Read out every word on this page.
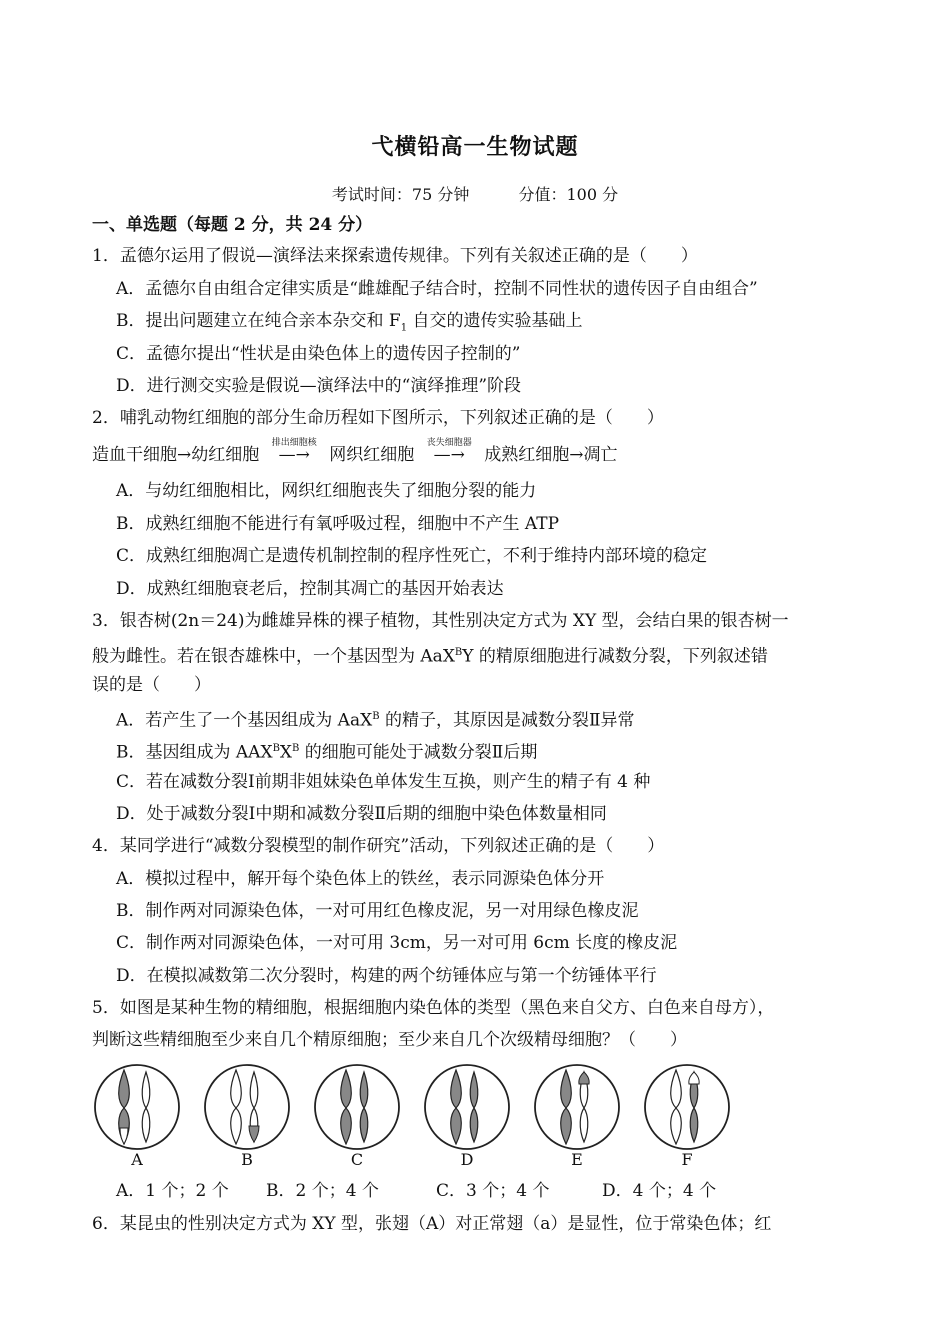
弋横铅高一生物试题
考试时间：75 分钟	分值：100 分
一、单选题（每题 2 分，共 24 分）
1．孟德尔运用了假说—演绎法来探索遗传规律。下列有关叙述正确的是（　　）
A．孟德尔自由组合定律实质是“雌雄配子结合时，控制不同性状的遗传因子自由组合”
B．提出问题建立在纯合亲本杂交和 $F_1$ 自交的遗传实验基础上
C．孟德尔提出“性状是由染色体上的遗传因子控制的”
D．进行测交实验是假说—演绎法中的“演绎推理”阶段
2．哺乳动物红细胞的部分生命历程如下图所示，下列叙述正确的是（　　）
造血干细胞→幼红细胞
排出细胞核
—→ 网织红细胞
丧失细胞器
—→ 成熟红细胞→凋亡
A．与幼红细胞相比，网织红细胞丧失了细胞分裂的能力
B．成熟红细胞不能进行有氧呼吸过程，细胞中不产生 ATP
C．成熟红细胞凋亡是遗传机制控制的程序性死亡，不利于维持内部环境的稳定
D．成熟红细胞衰老后，控制其凋亡的基因开始表达
3．银杏树(2n＝24)为雌雄异株的裸子植物，其性别决定方式为 XY 型，会结白果的银杏树一
般为雌性。若在银杏雄株中，一个基因型为 AaX$^B$Y 的精原细胞进行减数分裂，下列叙述错
误的是（　　）
A．若产生了一个基因组成为 AaX$^B$ 的精子，其原因是减数分裂Ⅱ异常
B．基因组成为 $AAX^BX^B$ 的细胞可能处于减数分裂Ⅱ后期
C．若在减数分裂Ⅰ前期非姐妹染色单体发生互换，则产生的精子有 4 种
D．处于减数分裂Ⅰ中期和减数分裂Ⅱ后期的细胞中染色体数量相同
4．某同学进行“减数分裂模型的制作研究”活动，下列叙述正确的是（　　）
A．模拟过程中，解开每个染色体上的铁丝，表示同源染色体分开
B．制作两对同源染色体，一对可用红色橡皮泥，另一对用绿色橡皮泥
C．制作两对同源染色体，一对可用 3cm，另一对可用 6cm 长度的橡皮泥
D．在模拟减数第二次分裂时，构建的两个纺锤体应与第一个纺锤体平行
5．如图是某种生物的精细胞，根据细胞内染色体的类型（黑色来自父方、白色来自母方），
判断这些精细胞至少来自几个精原细胞；至少来自几个次级精母细胞？（　　）
A	B	C	D	E	F
A．1 个；2 个 B．2 个；4 个	C．3 个；4 个	D．4 个；4 个
6．某昆虫的性别决定方式为 XY 型，张翅（A）对正常翅（a）是显性，位于常染色体；红
